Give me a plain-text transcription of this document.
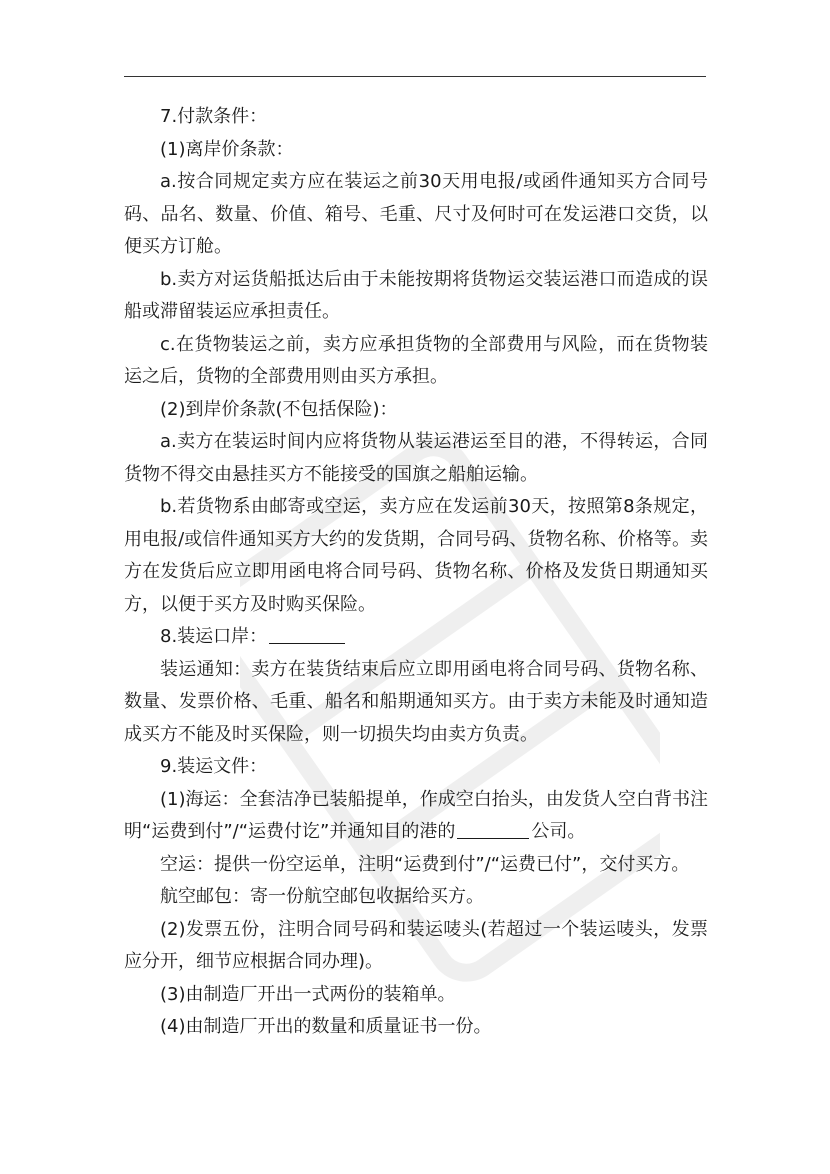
7.付款条件：

(1)离岸价条款：

a.按合同规定卖方应在装运之前30天用电报/或函件通知买方合同号码、品名、数量、价值、箱号、毛重、尺寸及何时可在发运港口交货，以便买方订舱。

b.卖方对运货船抵达后由于未能按期将货物运交装运港口而造成的误船或滞留装运应承担责任。

c.在货物装运之前，卖方应承担货物的全部费用与风险，而在货物装运之后，货物的全部费用则由买方承担。

(2)到岸价条款(不包括保险)：

a.卖方在装运时间内应将货物从装运港运至目的港，不得转运，合同货物不得交由悬挂买方不能接受的国旗之船舶运输。

b.若货物系由邮寄或空运，卖方应在发运前30天，按照第8条规定，用电报/或信件通知买方大约的发货期，合同号码、货物名称、价格等。卖方在发货后应立即用函电将合同号码、货物名称、价格及发货日期通知买方，以便于买方及时购买保险。

8.装运口岸：

装运通知：卖方在装货结束后应立即用函电将合同号码、货物名称、数量、发票价格、毛重、船名和船期通知买方。由于卖方未能及时通知造成买方不能及时买保险，则一切损失均由卖方负责。

9.装运文件：

(1)海运：全套洁净已装船提单，作成空白抬头，由发货人空白背书注明“运费到付”/“运费付讫”并通知目的港的	公司。

空运：提供一份空运单，注明“运费到付”/“运费已付”，交付买方。

航空邮包：寄一份航空邮包收据给买方。

(2)发票五份，注明合同号码和装运唛头(若超过一个装运唛头，发票应分开，细节应根据合同办理)。

(3)由制造厂开出一式两份的装箱单。

(4)由制造厂开出的数量和质量证书一份。
